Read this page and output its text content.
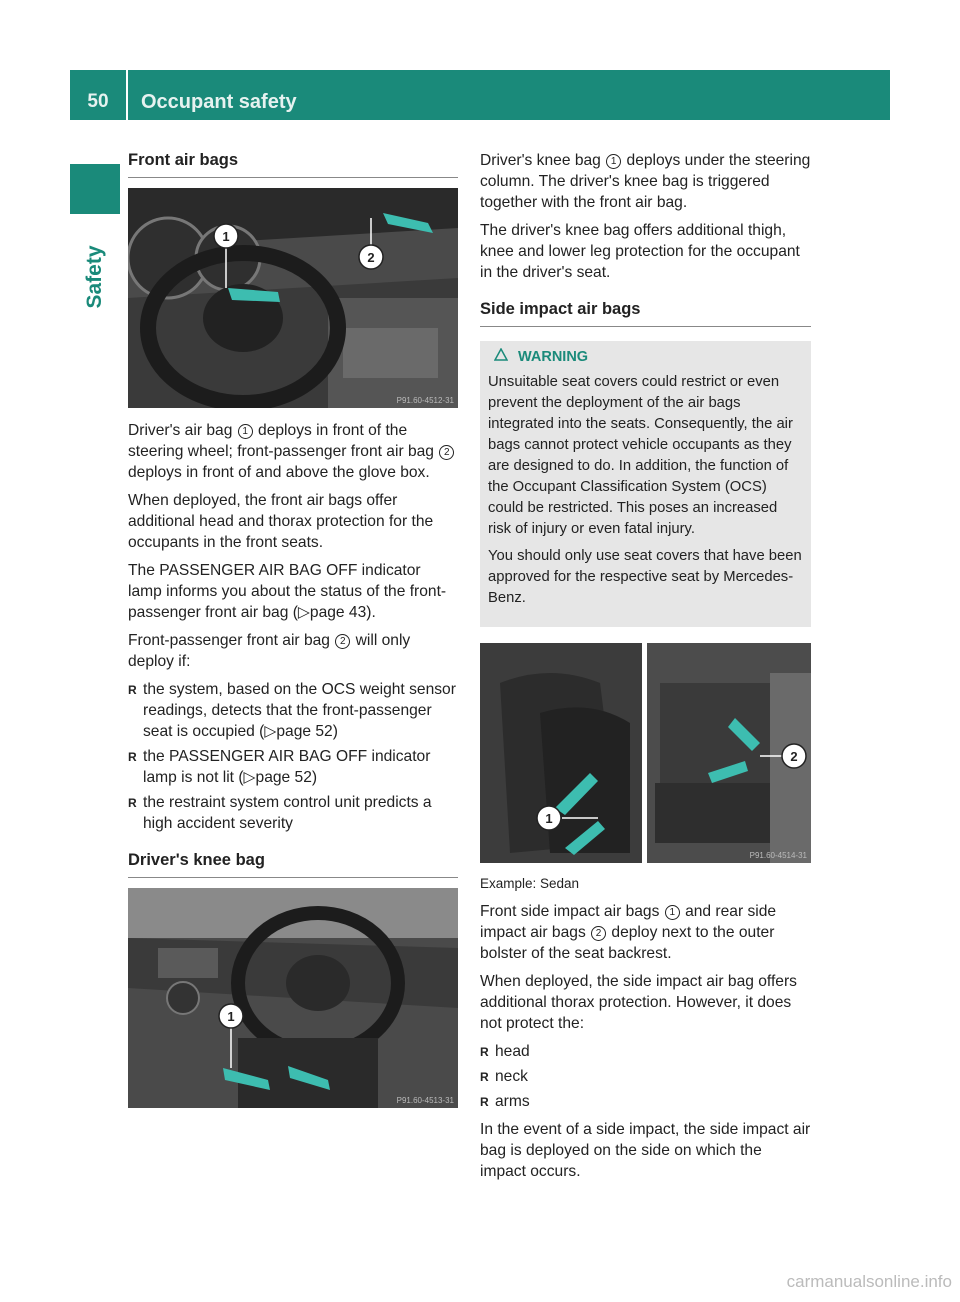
50	Occupant safety
Safety
Front air bags
1
2
P91.60-4512-31

Driver's air bag 1 deploys in front of the steering wheel; front-passenger front air bag 2 deploys in front of and above the glove box.

When deployed, the front air bags offer additional head and thorax protection for the occupants in the front seats.

The PASSENGER AIR BAG OFF indicator lamp informs you about the status of the front-passenger front air bag (▷page 43).

Front-passenger front air bag 2 will only deploy if:

R the system, based on the OCS weight sensor readings, detects that the front-passenger seat is occupied (▷page 52)
R the PASSENGER AIR BAG OFF indicator lamp is not lit (▷page 52)
R the restraint system control unit predicts a high accident severity
Driver's knee bag
1
P91.60-4513-31

Driver's knee bag 1 deploys under the steering column. The driver's knee bag is triggered together with the front air bag.

The driver's knee bag offers additional thigh, knee and lower leg protection for the occupant in the driver's seat.

Side impact air bags
WARNING

Unsuitable seat covers could restrict or even prevent the deployment of the air bags integrated into the seats. Consequently, the air bags cannot protect vehicle occupants as they are designed to do. In addition, the function of the Occupant Classification System (OCS) could be restricted. This poses an increased risk of injury or even fatal injury.

You should only use seat covers that have been approved for the respective seat by Mercedes-Benz.

1
2
P91.60-4514-31

Example: Sedan

Front side impact air bags 1 and rear side impact air bags 2 deploy next to the outer bolster of the seat backrest.

When deployed, the side impact air bag offers additional thorax protection. However, it does not protect the:

R head
R neck
R arms

In the event of a side impact, the side impact air bag is deployed on the side on which the impact occurs.

carmanualsonline.info
